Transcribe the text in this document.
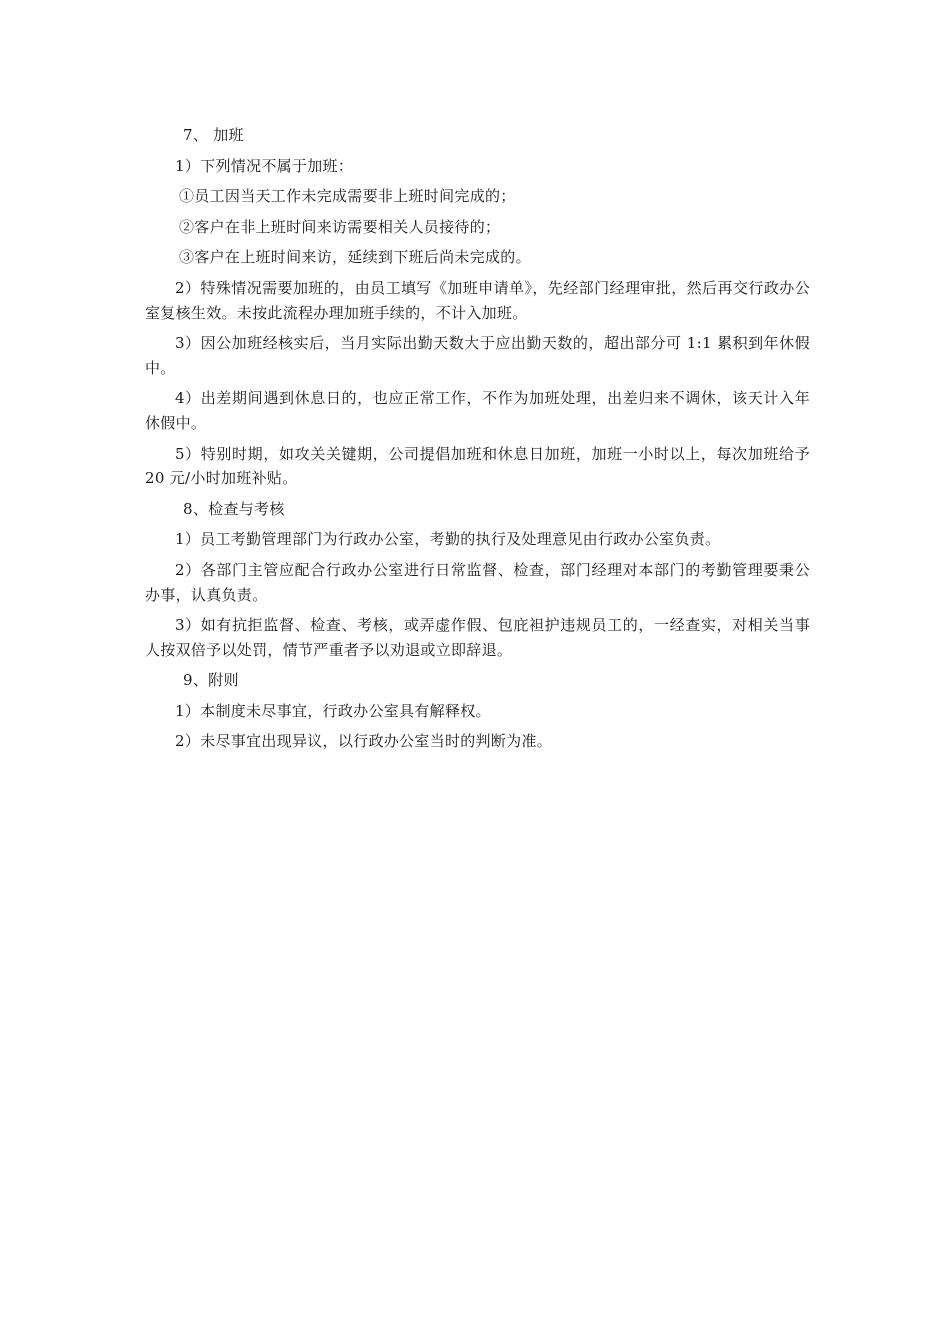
7、 加班

1）下列情况不属于加班：

①员工因当天工作未完成需要非上班时间完成的；

②客户在非上班时间来访需要相关人员接待的；

③客户在上班时间来访，延续到下班后尚未完成的。

2）特殊情况需要加班的，由员工填写《加班申请单》，先经部门经理审批，然后再交行政办公室复核生效。未按此流程办理加班手续的，不计入加班。

3）因公加班经核实后，当月实际出勤天数大于应出勤天数的，超出部分可 1:1 累积到年休假中。

4）出差期间遇到休息日的，也应正常工作，不作为加班处理，出差归来不调休，该天计入年休假中。

5）特别时期，如攻关关键期，公司提倡加班和休息日加班，加班一小时以上，每次加班给予 20 元/小时加班补贴。

8、检查与考核

1）员工考勤管理部门为行政办公室，考勤的执行及处理意见由行政办公室负责。

2）各部门主管应配合行政办公室进行日常监督、检查，部门经理对本部门的考勤管理要秉公办事，认真负责。

3）如有抗拒监督、检查、考核，或弄虚作假、包庇袒护违规员工的，一经查实，对相关当事人按双倍予以处罚，情节严重者予以劝退或立即辞退。

9、附则

1）本制度未尽事宜，行政办公室具有解释权。

2）未尽事宜出现异议，以行政办公室当时的判断为准。
